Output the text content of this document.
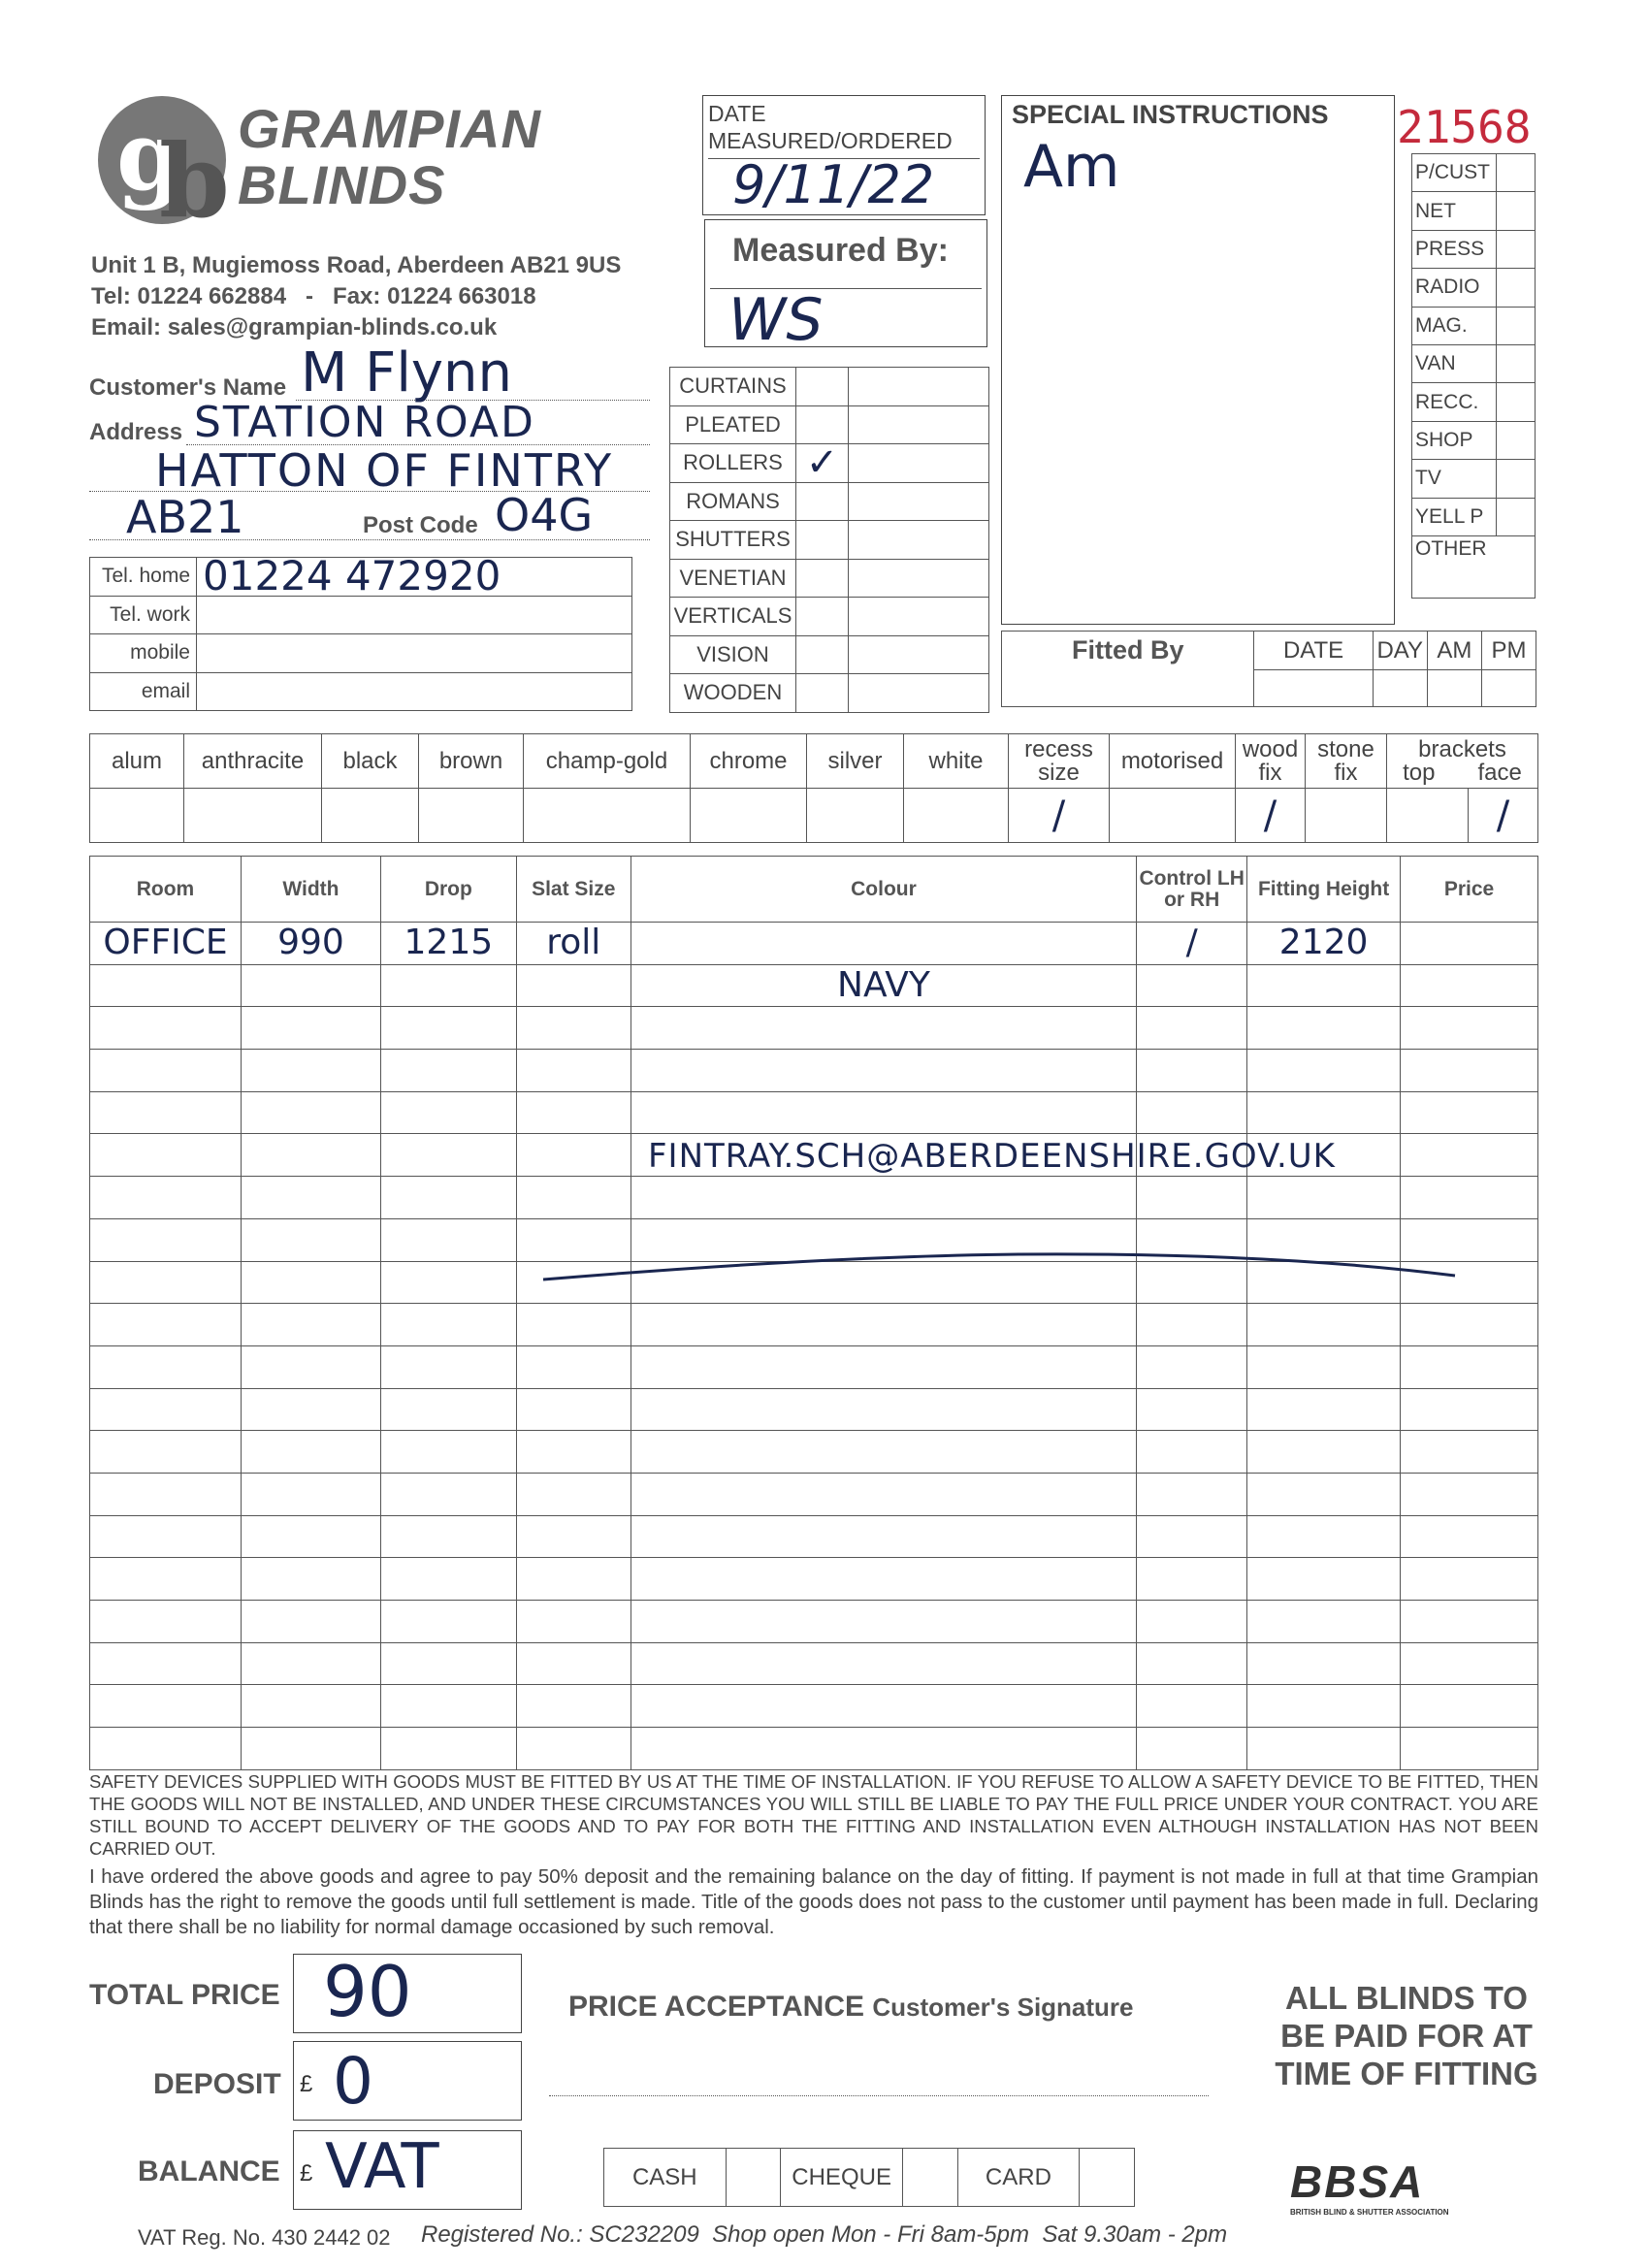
g
b GRAMPIAN
BLINDS
Unit 1 B, Mugiemoss Road, Aberdeen AB21 9US
Tel: 01224 662884   -   Fax: 01224 663018
Email: sales@grampian-blinds.co.uk
DATE MEASURED/ORDERED
9/11/22
Measured By:
WS
SPECIAL INSTRUCTIONS
Am
21568
P/CUST	
NET	
PRESS	
RADIO	
MAG.	
VAN	
RECC.	
SHOP	
TV	
YELL P	
OTHER	
Customer's Name M Flynn
Address STATION ROAD
HATTON OF FINTRY
AB21	Post Code O4G
Tel. home	01224 472920
Tel. work	
mobile	
email	
CURTAINS		
PLEATED		
ROLLERS	✓	
ROMANS		
SHUTTERS		
VENETIAN		
VERTICALS		
VISION		
WOODEN		
Fitted By	DATE	DAY	AM	PM

alum	anthracite	black	brown	champ-gold	chrome	silver	white	recess size	motorised	wood fix	stone fix	brackets
top face	
								/		/			/
Room	Width	Drop	Slat Size	Colour	Control LH or RH	Fitting Height	Price
OFFICE	990	1215	roll		/	2120	
				NAVY			

FINTRAY.SCH@ABERDEENSHIRE.GOV.UK
SAFETY DEVICES SUPPLIED WITH GOODS MUST BE FITTED BY US AT THE TIME OF INSTALLATION. IF YOU REFUSE TO ALLOW A SAFETY DEVICE TO BE FITTED, THEN THE GOODS WILL NOT BE INSTALLED, AND UNDER THESE CIRCUMSTANCES YOU WILL STILL BE LIABLE TO PAY THE FULL PRICE UNDER YOUR CONTRACT. YOU ARE STILL BOUND TO ACCEPT DELIVERY OF THE GOODS AND TO PAY FOR BOTH THE FITTING AND INSTALLATION EVEN ALTHOUGH INSTALLATION HAS NOT BEEN CARRIED OUT.
I have ordered the above goods and agree to pay 50% deposit and the remaining balance on the day of fitting. If payment is not made in full at that time Grampian Blinds has the right to remove the goods until full settlement is made. Title of the goods does not pass to the customer until payment has been made in full. Declaring that there shall be no liability for normal damage occasioned by such removal.
TOTAL PRICE 90
DEPOSIT £ 0
BALANCE £ VAT
PRICE ACCEPTANCE Customer's Signature
CASH		CHEQUE		CARD	
ALL BLINDS TO BE PAID FOR AT TIME OF FITTING
BBSA
BRITISH BLIND & SHUTTER ASSOCIATION
VAT Reg. No. 430 2442 02 Registered No.: SC232209  Shop open Mon - Fri 8am-5pm  Sat 9.30am - 2pm
